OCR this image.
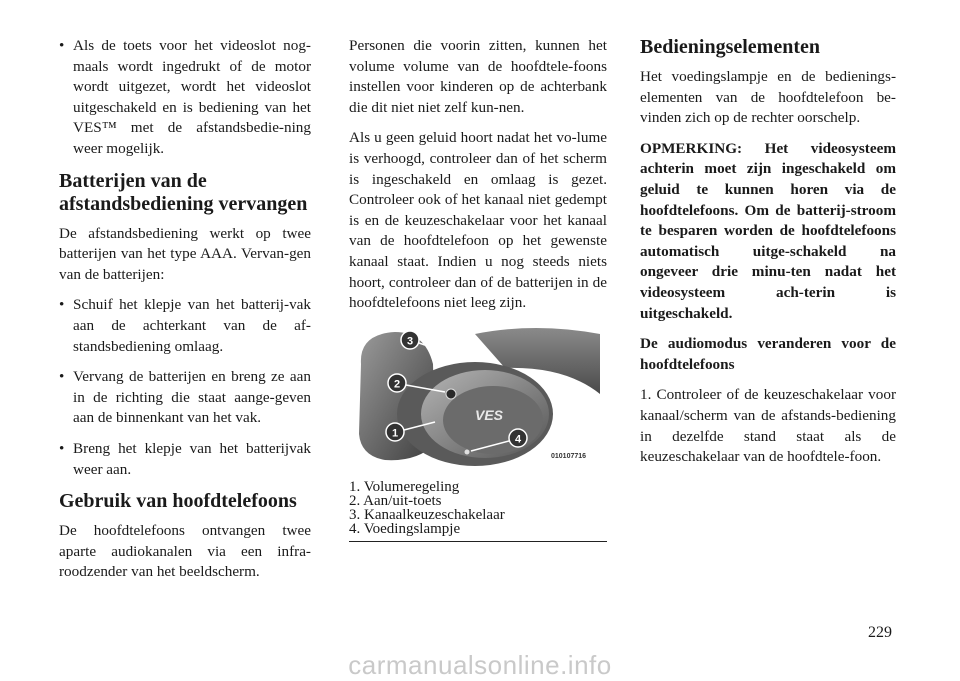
• Als de toets voor het videoslot nog-maals wordt ingedrukt of de motor wordt uitgezet, wordt het videoslot uitgeschakeld en is bediening van het VES™ met de afstandsbedie-ning weer mogelijk.
Batterijen van de afstandsbediening vervangen

De afstandsbediening werkt op twee batterijen van het type AAA. Vervan-gen van de batterijen:

• Schuif het klepje van het batterij-vak aan de achterkant van de af-standsbediening omlaag.
• Vervang de batterijen en breng ze aan in de richting die staat aange-geven aan de binnenkant van het vak.
• Breng het klepje van het batterijvak weer aan.
Gebruik van hoofdtelefoons

De hoofdtelefoons ontvangen twee aparte audiokanalen via een infra-roodzender van het beeldscherm.

Personen die voorin zitten, kunnen het volume volume van de hoofdtele-foons instellen voor kinderen op de achterbank die dit niet niet zelf kun-nen.

Als u geen geluid hoort nadat het vo-lume is verhoogd, controleer dan of het scherm is ingeschakeld en omlaag is gezet. Controleer ook of het kanaal niet gedempt is en de keuzeschakelaar voor het kanaal van de hoofdtelefoon op het gewenste kanaal staat. Indien u nog steeds niets hoort, controleer dan of de batterijen in de hoofdtelefoons niet leeg zijn.

VES
3
2
1	4
010107716
1. Volumeregeling
2. Aan/uit-toets
3. Kanaalkeuzeschakelaar
4. Voedingslampje
Bedieningselementen

Het voedingslampje en de bedienings-elementen van de hoofdtelefoon be-vinden zich op de rechter oorschelp.

OPMERKING: Het videosysteem achterin moet zijn ingeschakeld om geluid te kunnen horen via de hoofdtelefoons. Om de batterij-stroom te besparen worden de hoofdtelefoons automatisch uitge-schakeld na ongeveer drie minu-ten nadat het videosysteem ach-terin is uitgeschakeld.

De audiomodus veranderen voor de hoofdtelefoons

1. Controleer of de keuzeschakelaar voor kanaal/scherm van de afstands-bediening in dezelfde stand staat als de keuzeschakelaar van de hoofdtele-foon.

229
carmanualsonline.info
